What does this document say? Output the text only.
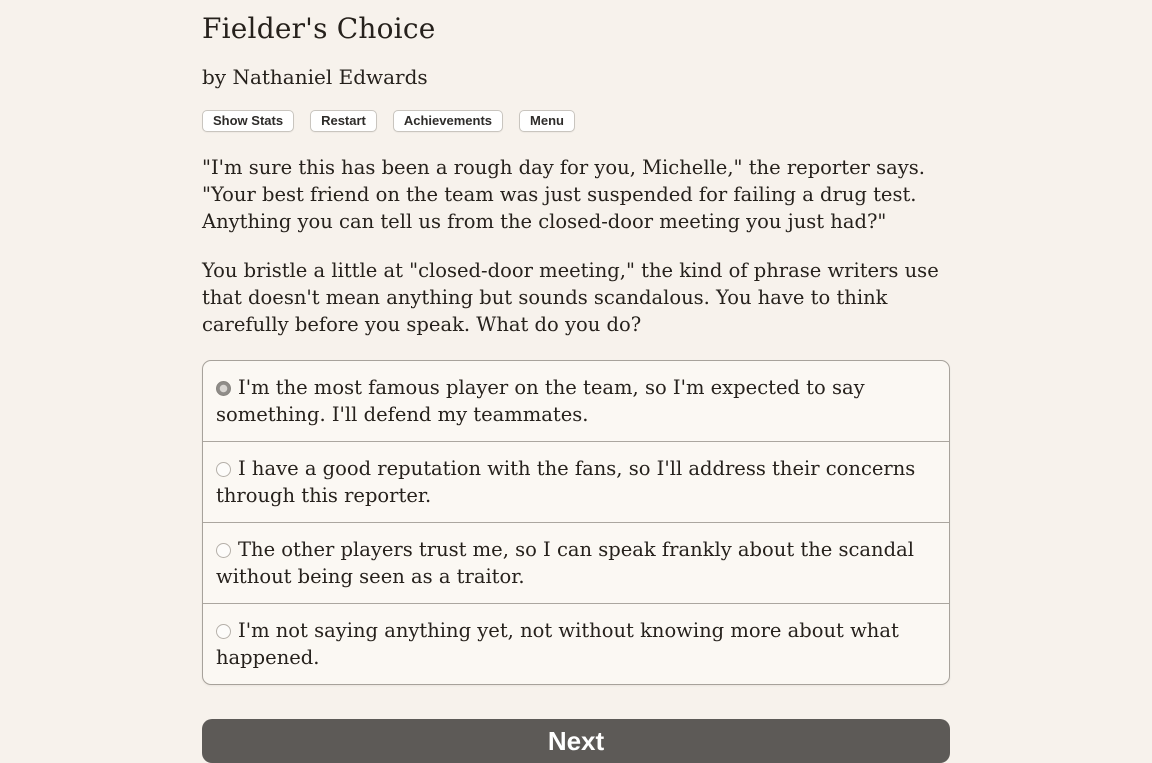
Fielder's Choice
by Nathaniel Edwards
Show Stats	Restart	Achievements	Menu

"I'm sure this has been a rough day for you, Michelle," the reporter says. "Your best friend on the team was just suspended for failing a drug test. Anything you can tell us from the closed-door meeting you just had?"

You bristle a little at "closed-door meeting," the kind of phrase writers use that doesn't mean anything but sounds scandalous. You have to think carefully before you speak. What do you do?

I'm the most famous player on the team, so I'm expected to say something. I'll defend my teammates.
I have a good reputation with the fans, so I'll address their concerns through this reporter.
The other players trust me, so I can speak frankly about the scandal without being seen as a traitor.
I'm not saying anything yet, not without knowing more about what happened.
Next
